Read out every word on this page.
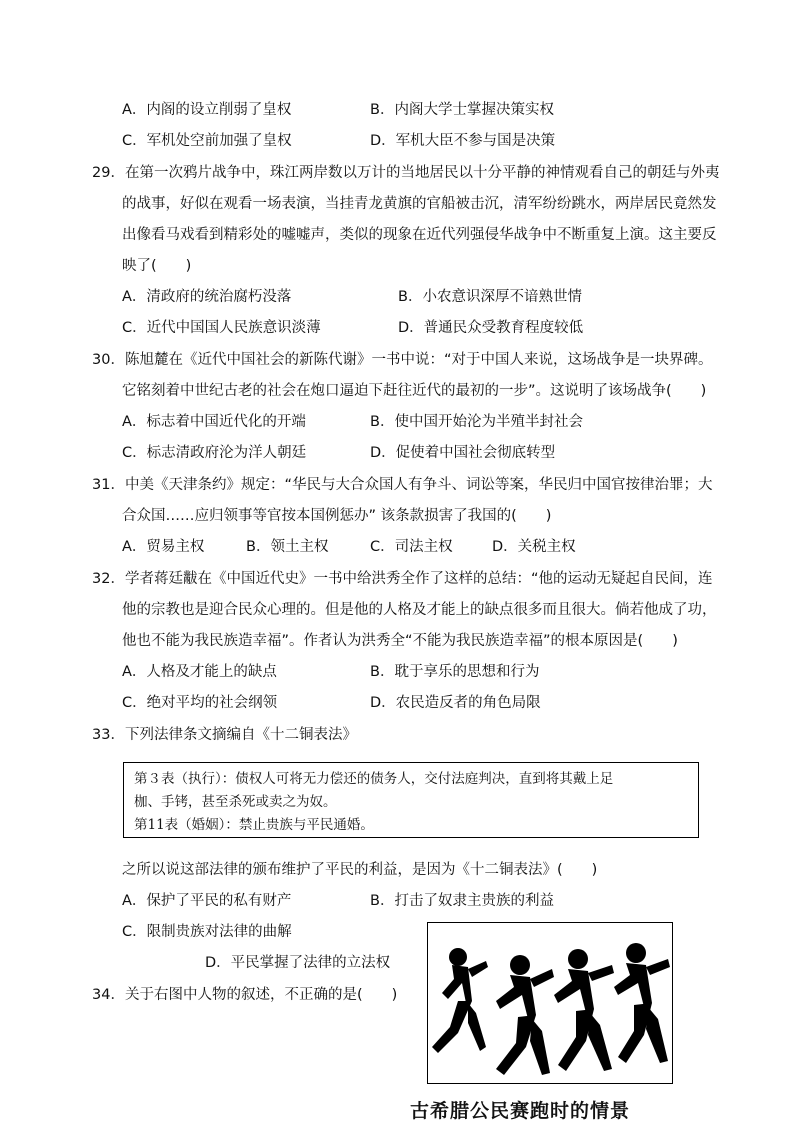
A．内阁的设立削弱了皇权	B．内阁大学士掌握决策实权
C．军机处空前加强了皇权	D．军机大臣不参与国是决策
29．在第一次鸦片战争中，珠江两岸数以万计的当地居民以十分平静的神情观看自己的朝廷与外夷
的战事，好似在观看一场表演，当挂青龙黄旗的官船被击沉，清军纷纷跳水，两岸居民竟然发
出像看马戏看到精彩处的嘘嘘声，类似的现象在近代列强侵华战争中不断重复上演。这主要反
映了(　　)
A．清政府的统治腐朽没落	B．小农意识深厚不谙熟世情
C．近代中国国人民族意识淡薄	D．普通民众受教育程度较低
30．陈旭麓在《近代中国社会的新陈代谢》一书中说：“对于中国人来说，这场战争是一块界碑。
它铭刻着中世纪古老的社会在炮口逼迫下赶往近代的最初的一步”。这说明了该场战争(　　)
A．标志着中国近代化的开端	B．使中国开始沦为半殖半封社会
C．标志清政府沦为洋人朝廷	D．促使着中国社会彻底转型
31．中美《天津条约》规定：“华民与大合众国人有争斗、词讼等案，华民归中国官按律治罪；大
合众国……应归领事等官按本国例惩办” 该条款损害了我国的(　　)
A．贸易主权	B．领土主权	C．司法主权	D．关税主权
32．学者蒋廷黻在《中国近代史》一书中给洪秀全作了这样的总结：“他的运动无疑起自民间，连
他的宗教也是迎合民众心理的。但是他的人格及才能上的缺点很多而且很大。倘若他成了功，
他也不能为我民族造幸福”。作者认为洪秀全“不能为我民族造幸福”的根本原因是(　　)
A．人格及才能上的缺点	B．耽于享乐的思想和行为
C．绝对平均的社会纲领	D．农民造反者的角色局限
33．下列法律条文摘编自《十二铜表法》
第３表（执行）：债权人可将无力偿还的债务人，交付法庭判决，直到将其戴上足
枷、手铐，甚至杀死或卖之为奴。
第11表（婚姻）：禁止贵族与平民通婚。
之所以说这部法律的颁布维护了平民的利益，是因为《十二铜表法》(　　)
A．保护了平民的私有财产	B．打击了奴隶主贵族的利益
C．限制贵族对法律的曲解
D．平民掌握了法律的立法权
34．关于右图中人物的叙述，不正确的是(　　)
古希腊公民赛跑时的情景
